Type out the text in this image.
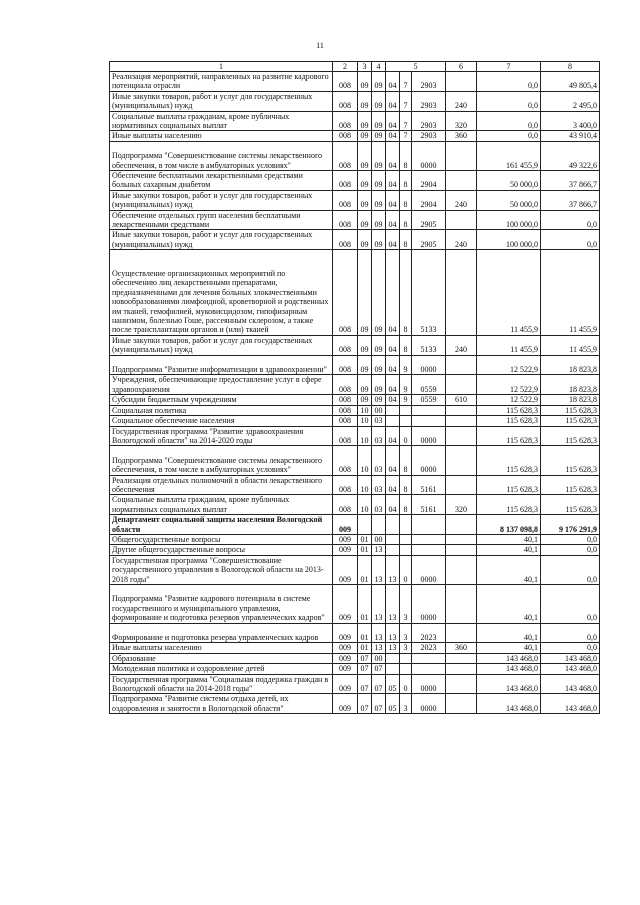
11
1	2	3	4	5			6	7	8
Реализация мероприятий, направленных на развитие кадрового потенциала отрасли	008	09	09	04	7	2903		0,0	49 805,4
Иные закупки товаров, работ и услуг для государственных (муниципальных) нужд	008	09	09	04	7	2903	240	0,0	2 495,0
Социальные выплаты гражданам, кроме публичных нормативных социальных выплат	008	09	09	04	7	2903	320	0,0	3 400,0
Иные выплаты населению	008	09	09	04	7	2903	360	0,0	43 910,4
Подпрограмма "Совершенствование системы лекарственного обеспечения, в том числе в амбулаторных условиях"	008	09	09	04	8	0000		161 455,9	49 322,6
Обеспечение бесплатными лекарственными средствами больных сахарным диабетом	008	09	09	04	8	2904		50 000,0	37 866,7
Иные закупки товаров, работ и услуг для государственных (муниципальных) нужд	008	09	09	04	8	2904	240	50 000,0	37 866,7
Обеспечение отдельных групп населения бесплатными лекарственными средствами	008	09	09	04	8	2905		100 000,0	0,0
Иные закупки товаров, работ и услуг для государственных (муниципальных) нужд	008	09	09	04	8	2905	240	100 000,0	0,0
Осуществление организационных мероприятий по обеспечению лиц лекарственными препаратами, предназначенными для лечения больных злокачественными новообразованиями лимфоидной, кроветворной и родственных им тканей, гемофилией, муковисцидозом, гипофизарным нанизмом, болезнью Гоше, рассеянным склерозом, а также после трансплантации органов и (или) тканей	008	09	09	04	8	5133		11 455,9	11 455,9
Иные закупки товаров, работ и услуг для государственных (муниципальных) нужд	008	09	09	04	8	5133	240	11 455,9	11 455,9
Подпрограмма "Развитие информатизации в здравоохранении"	008	09	09	04	9	0000		12 522,9	18 823,8
Учреждения, обеспечивающие предоставление услуг в сфере здравоохранения	008	09	09	04	9	0559		12 522,9	18 823,8
Субсидии бюджетным учреждениям	008	09	09	04	9	0559	610	12 522,9	18 823,8
Социальная политика	008	10	00					115 628,3	115 628,3
Социальное обеспечение населения	008	10	03					115 628,3	115 628,3
Государственная программа "Развитие здравоохранения Вологодской области" на 2014-2020 годы	008	10	03	04	0	0000		115 628,3	115 628,3
Подпрограмма "Совершенствование системы лекарственного обеспечения, в том числе в амбулаторных условиях"	008	10	03	04	8	0000		115 628,3	115 628,3
Реализация отдельных полномочий в области лекарственного обеспечения	008	10	03	04	8	5161		115 628,3	115 628,3
Социальные выплаты гражданам, кроме публичных нормативных социальных выплат	008	10	03	04	8	5161	320	115 628,3	115 628,3
Департамент социальной защиты населения Вологодской области	009							8 137 098,8	9 176 291,9
Общегосударственные вопросы	009	01	00					40,1	0,0
Другие общегосударственные вопросы	009	01	13					40,1	0,0
Государственная программа "Совершенствование государственного управления в Вологодской области на 2013-2018 годы"	009	01	13	13	0	0000		40,1	0,0
Подпрограмма "Развитие кадрового потенциала в системе государственного и муниципального управления, формирование и подготовка резервов управленческих кадров"	009	01	13	13	3	0000		40,1	0,0
Формирование и подготовка резерва управленческих кадров	009	01	13	13	3	2023		40,1	0,0
Иные выплаты населению	009	01	13	13	3	2023	360	40,1	0,0
Образование	009	07	00					143 468,0	143 468,0
Молодежная политика и оздоровление детей	009	07	07					143 468,0	143 468,0
Государственная программа "Социальная поддержка граждан в Вологодской области на 2014-2018 годы"	009	07	07	05	0	0000		143 468,0	143 468,0
Подпрограмма "Развитие системы отдыха детей, их оздоровления и занятости в Вологодской области"	009	07	07	05	3	0000		143 468,0	143 468,0
